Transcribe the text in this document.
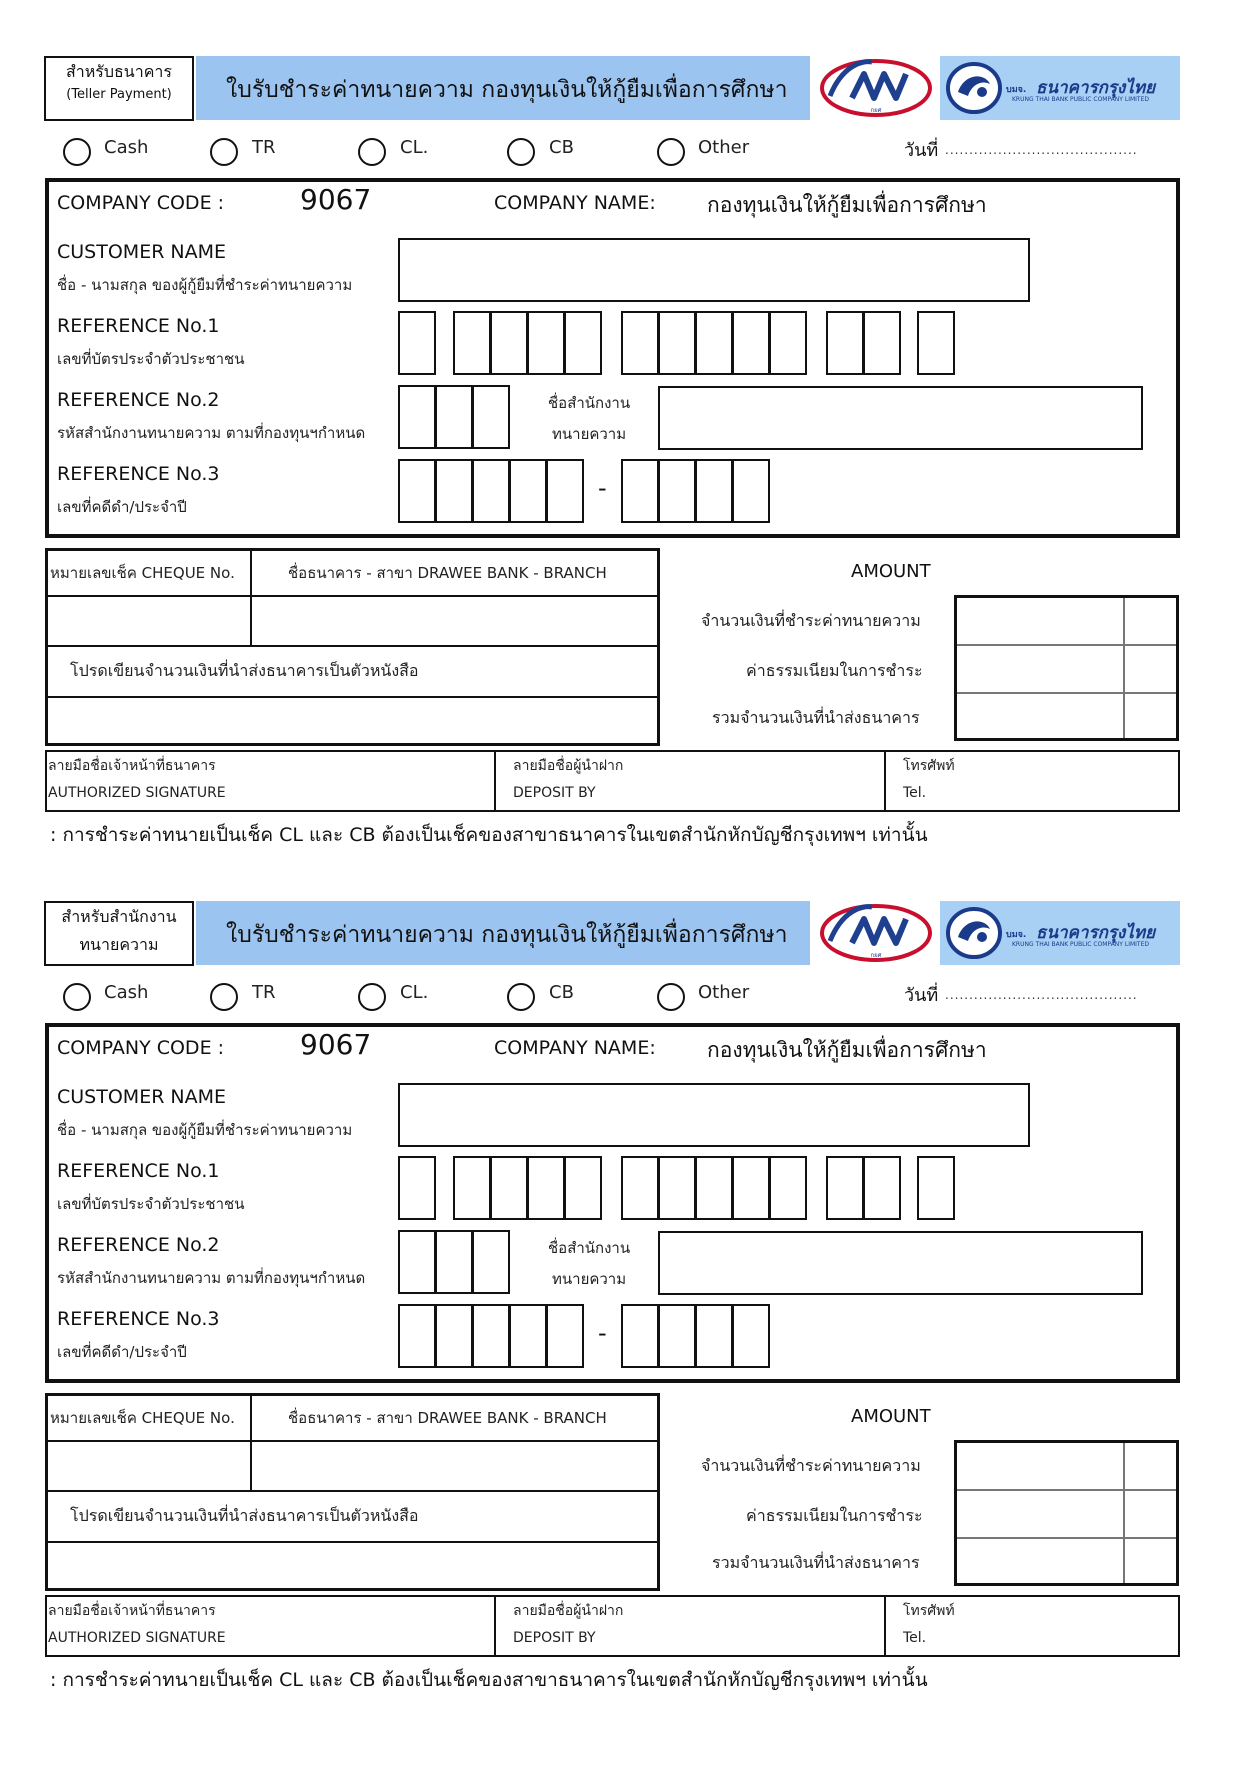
สำหรับธนาคาร
(Teller Payment)	ใบรับชำระค่าทนายความ กองทุนเงินให้กู้ยืมเพื่อการศึกษา
กยศ
บมจ. ธนาคารกรุงไทย
KRUNG THAI BANK PUBLIC COMPANY LIMITED
Cash	TR	CL.	CB	Other	วันที่ ........................................
COMPANY CODE :	9067	COMPANY NAME: กองทุนเงินให้กู้ยืมเพื่อการศึกษา
CUSTOMER NAME
ชื่อ - นามสกุล ของผู้กู้ยืมที่ชำระค่าทนายความ
REFERENCE No.1
เลขที่บัตรประจำตัวประชาชน
REFERENCE No.2
รหัสสำนักงานทนายความ ตามที่กองทุนฯกำหนด
ชื่อสำนักงาน
ทนายความ
REFERENCE No.3
เลขที่คดีดำ/ประจำปี
-
หมายเลขเช็ค CHEQUE No.	ชื่อธนาคาร - สาขา DRAWEE BANK - BRANCH
โปรดเขียนจำนวนเงินที่นำส่งธนาคารเป็นตัวหนังสือ
AMOUNT
จำนวนเงินที่ชำระค่าทนายความ
ค่าธรรมเนียมในการชำระ
รวมจำนวนเงินที่นำส่งธนาคาร
ลายมือชื่อเจ้าหน้าที่ธนาคาร
AUTHORIZED SIGNATURE
ลายมือชื่อผู้นำฝาก
DEPOSIT BY
โทรศัพท์
Tel.
: การชำระค่าทนายเป็นเช็ค CL และ CB ต้องเป็นเช็คของสาขาธนาคารในเขตสำนักหักบัญชีกรุงเทพฯ เท่านั้น
สำหรับสำนักงาน
ทนายความ	ใบรับชำระค่าทนายความ กองทุนเงินให้กู้ยืมเพื่อการศึกษา
กยศ
บมจ. ธนาคารกรุงไทย
KRUNG THAI BANK PUBLIC COMPANY LIMITED
Cash	TR	CL.	CB	Other	วันที่ ........................................
COMPANY CODE :	9067	COMPANY NAME: กองทุนเงินให้กู้ยืมเพื่อการศึกษา
CUSTOMER NAME
ชื่อ - นามสกุล ของผู้กู้ยืมที่ชำระค่าทนายความ
REFERENCE No.1
เลขที่บัตรประจำตัวประชาชน
REFERENCE No.2
รหัสสำนักงานทนายความ ตามที่กองทุนฯกำหนด
ชื่อสำนักงาน
ทนายความ
REFERENCE No.3
เลขที่คดีดำ/ประจำปี
-
หมายเลขเช็ค CHEQUE No.	ชื่อธนาคาร - สาขา DRAWEE BANK - BRANCH
โปรดเขียนจำนวนเงินที่นำส่งธนาคารเป็นตัวหนังสือ
AMOUNT
จำนวนเงินที่ชำระค่าทนายความ
ค่าธรรมเนียมในการชำระ
รวมจำนวนเงินที่นำส่งธนาคาร
ลายมือชื่อเจ้าหน้าที่ธนาคาร
AUTHORIZED SIGNATURE
ลายมือชื่อผู้นำฝาก
DEPOSIT BY
โทรศัพท์
Tel.
: การชำระค่าทนายเป็นเช็ค CL และ CB ต้องเป็นเช็คของสาขาธนาคารในเขตสำนักหักบัญชีกรุงเทพฯ เท่านั้น
